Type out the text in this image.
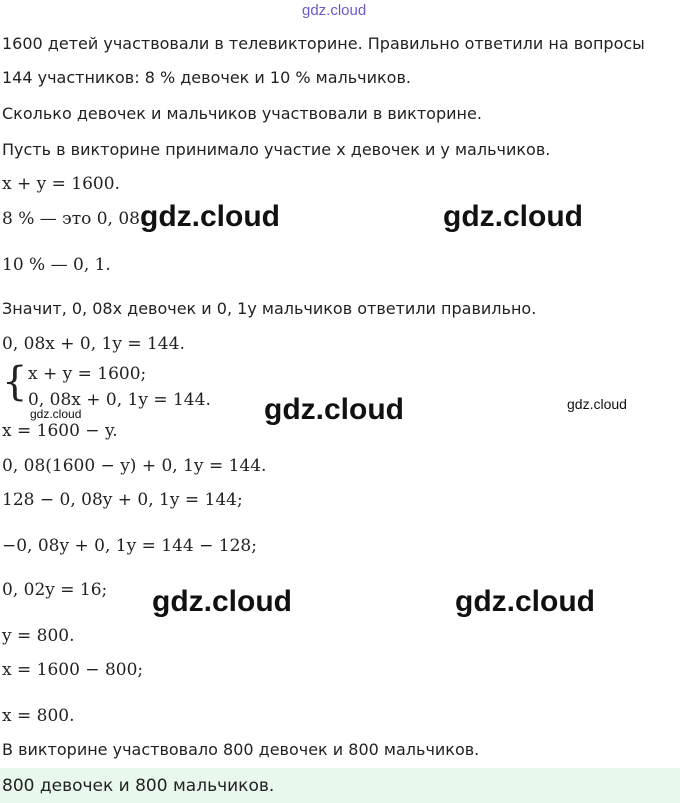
gdz.cloud
1600 детей участвовали в телевикторине. Правильно ответили на вопросы
144 участников: 8 % девочек и 10 % мальчиков.
Сколько девочек и мальчиков участвовали в викторине.
Пусть в викторине принимало участие x девочек и y мальчиков.
x + y = 1600.
8 % — это 0, 08.
10 % — 0, 1.
Значит, 0, 08x девочек и 0, 1y мальчиков ответили правильно.
0, 08x + 0, 1y = 144.
{ x + y = 1600;
0, 08x + 0, 1y = 144.
x = 1600 − y.
0, 08(1600 − y) + 0, 1y = 144.
128 − 0, 08y + 0, 1y = 144;
−0, 08y + 0, 1y = 144 − 128;
0, 02y = 16;
y = 800.
x = 1600 − 800;
x = 800.
В викторине участвовало 800 девочек и 800 мальчиков.
800 девочек и 800 мальчиков.
gdz.cloud	gdz.cloud
gdz.cloud	gdz.cloud
gdz.cloud
gdz.cloud	gdz.cloud
